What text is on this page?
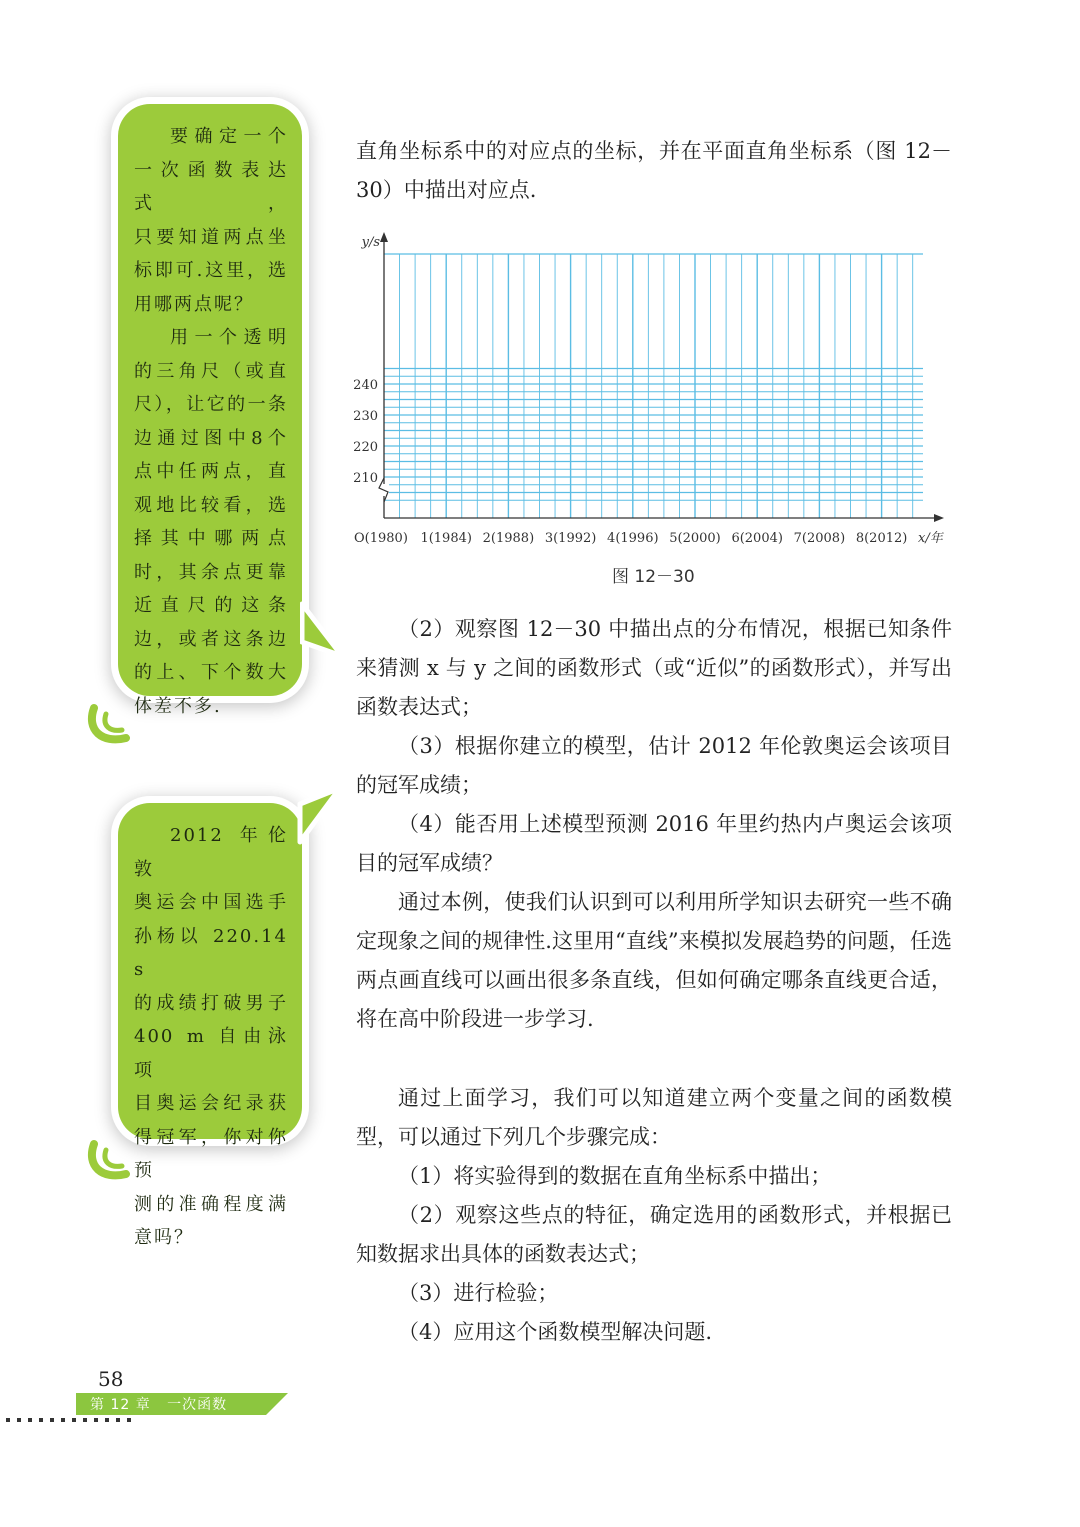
要确定一个

一次函数表达式，

只要知道两点坐

标即可.这里，选

用哪两点呢？

用一个透明

的三角尺（或直

尺），让它的一条

边通过图中8个

点中任两点，直

观地比较看，选

择其中哪两点

时，其余点更靠

近直尺的这条

边，或者这条边

的上、下个数大

体差不多.

2012 年伦敦

奥运会中国选手

孙杨以 220.14 s

的成绩打破男子

400 m 自由泳项

目奥运会纪录获

得冠军，你对你预

测的准确程度满

意吗？

直角坐标系中的对应点的坐标，并在平面直角坐标系（图 12－30）中描出对应点.

210
220
230
240
y/s
O(1980) 1(1984) 2(1988) 3(1992) 4(1996) 5(2000) 6(2004) 7(2008) 8(2012) x/年
图 12－30

（2）观察图 12－30 中描出点的分布情况，根据已知条件来猜测 x 与 y 之间的函数形式（或“近似”的函数形式），并写出函数表达式；

（3）根据你建立的模型，估计 2012 年伦敦奥运会该项目的冠军成绩；

（4）能否用上述模型预测 2016 年里约热内卢奥运会该项目的冠军成绩？

通过本例，使我们认识到可以利用所学知识去研究一些不确定现象之间的规律性.这里用“直线”来模拟发展趋势的问题，任选两点画直线可以画出很多条直线，但如何确定哪条直线更合适，将在高中阶段进一步学习.

通过上面学习，我们可以知道建立两个变量之间的函数模型，可以通过下列几个步骤完成：

（1）将实验得到的数据在直角坐标系中描出；

（2）观察这些点的特征，确定选用的函数形式，并根据已知数据求出具体的函数表达式；

（3）进行检验；

（4）应用这个函数模型解决问题.

58
第 12 章   一次函数
